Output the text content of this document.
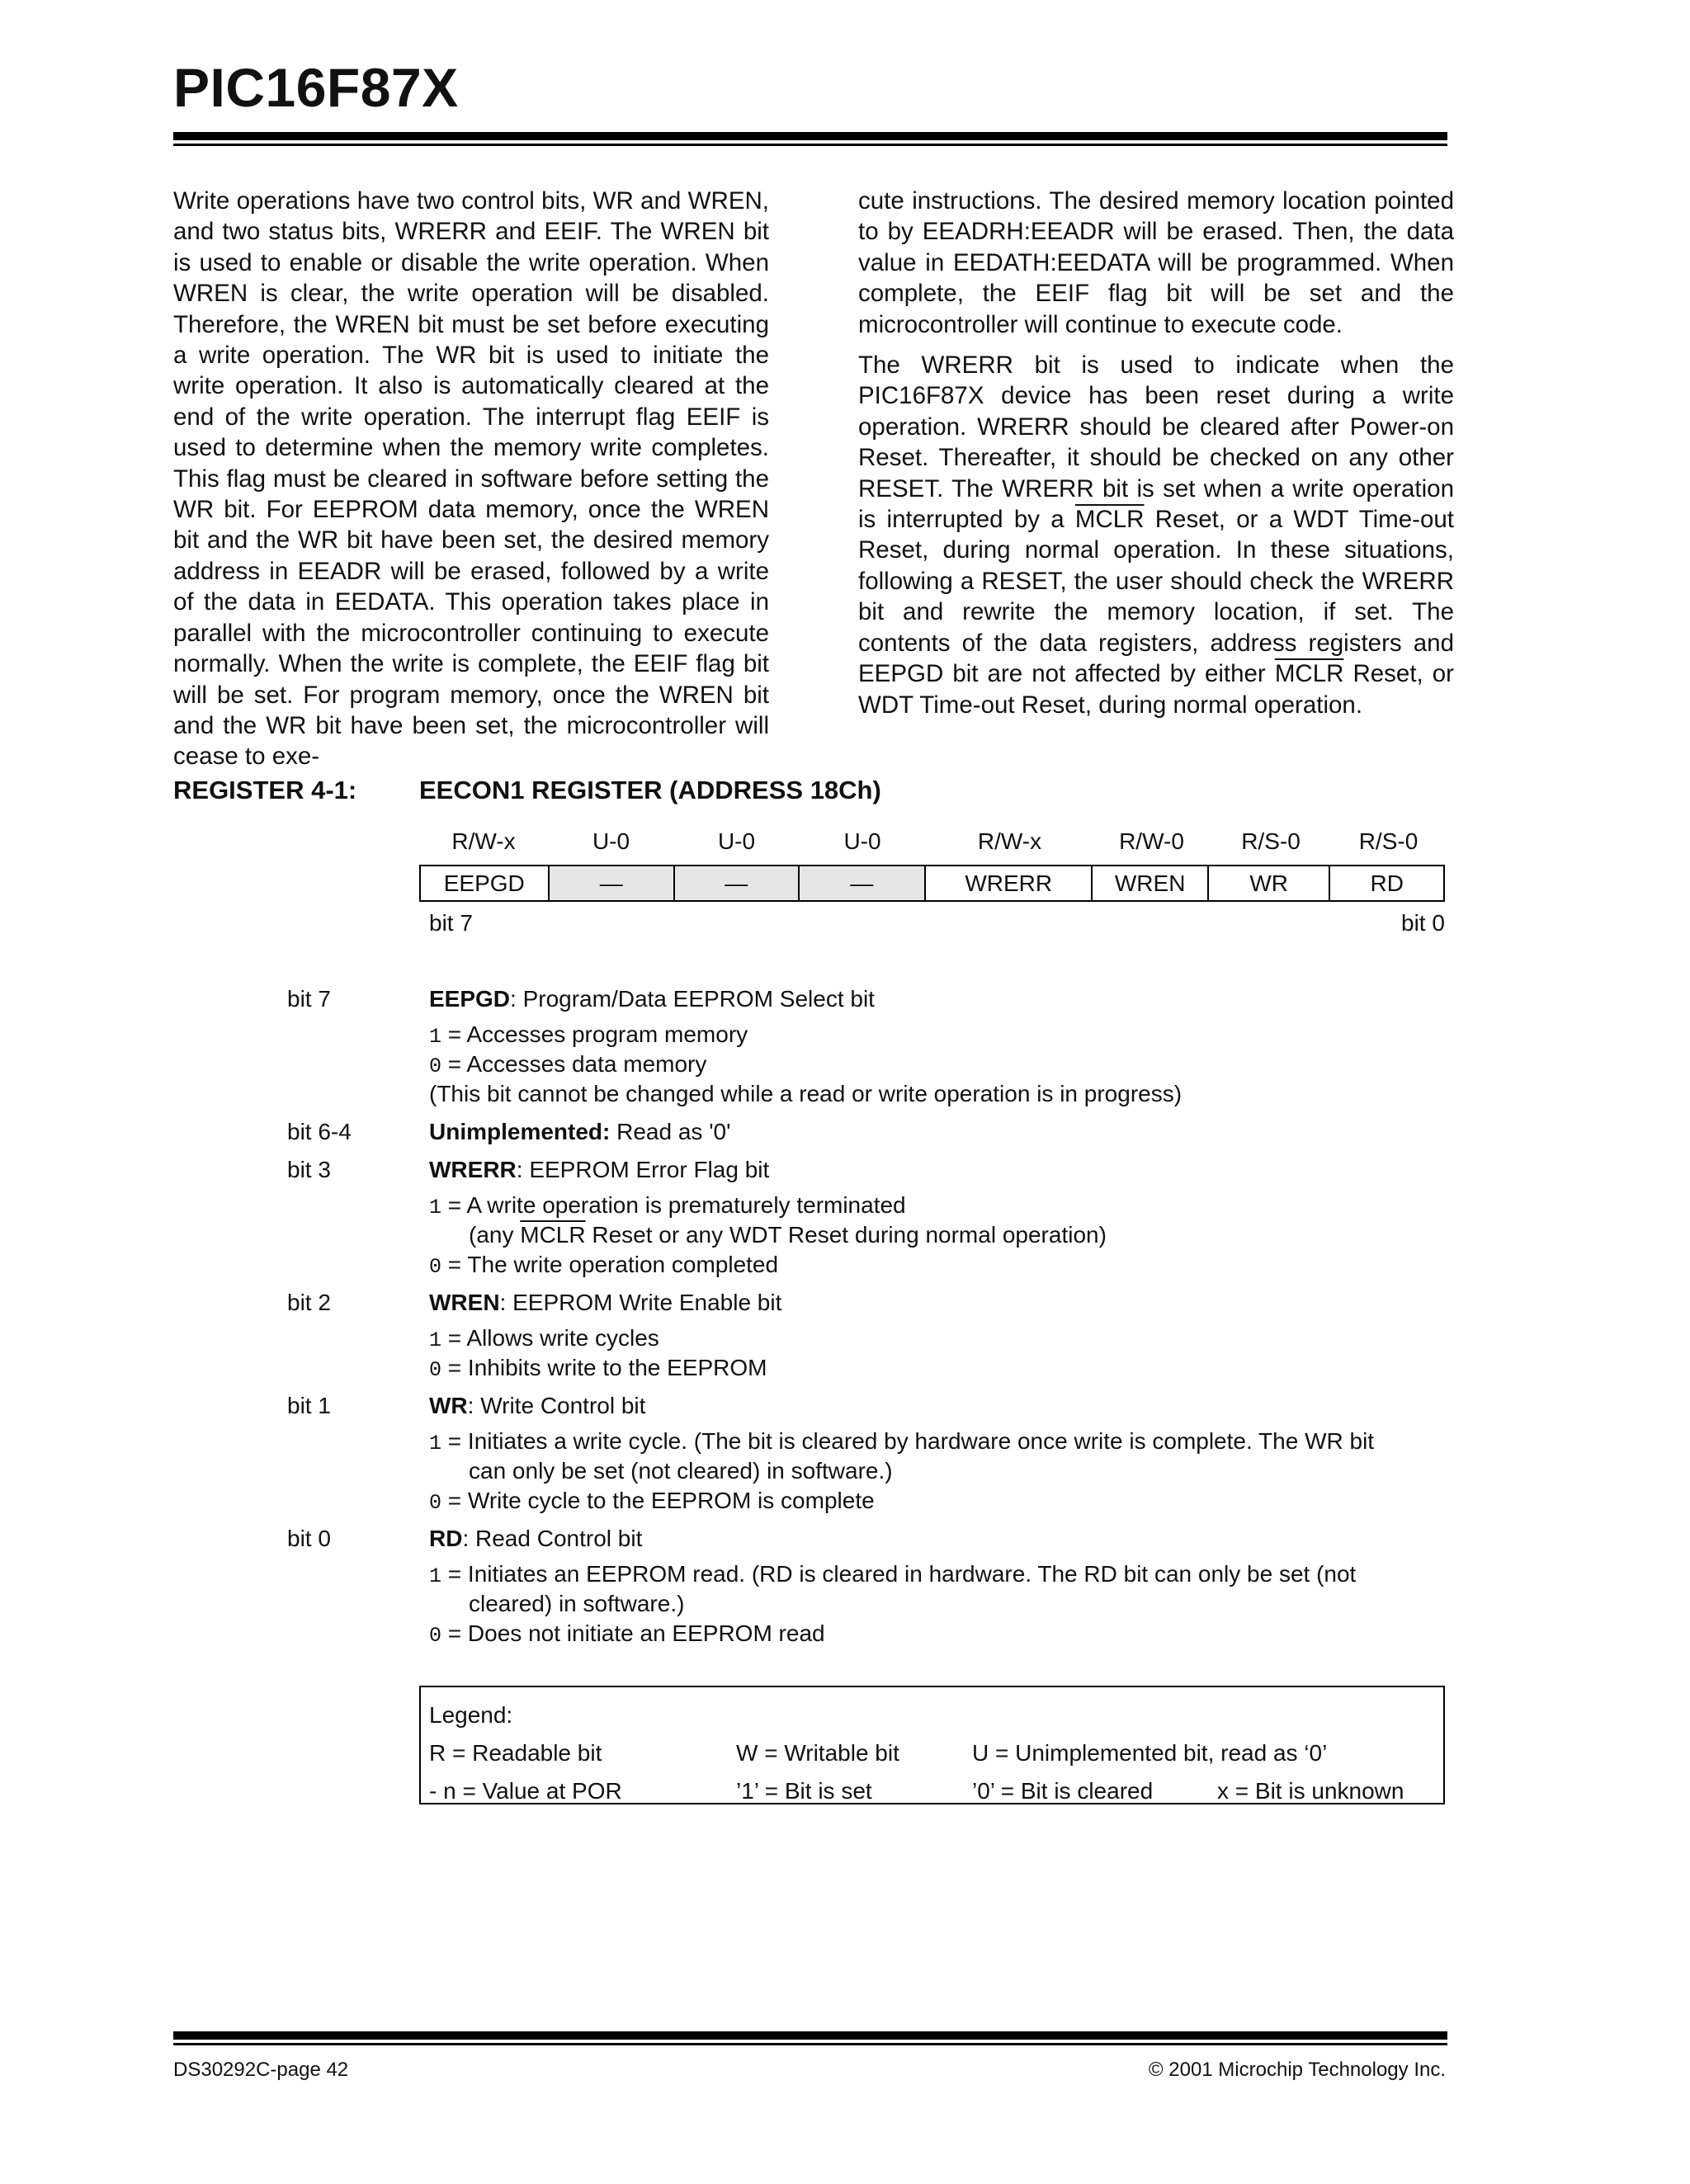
PIC16F87X

Write operations have two control bits, WR and WREN, and two status bits, WRERR and EEIF. The WREN bit is used to enable or disable the write operation. When WREN is clear, the write operation will be disabled. Therefore, the WREN bit must be set before executing a write operation. The WR bit is used to initiate the write operation. It also is automatically cleared at the end of the write operation. The interrupt flag EEIF is used to determine when the memory write completes. This flag must be cleared in software before setting the WR bit. For EEPROM data memory, once the WREN bit and the WR bit have been set, the desired memory address in EEADR will be erased, followed by a write of the data in EEDATA. This operation takes place in parallel with the microcontroller continuing to execute normally. When the write is complete, the EEIF flag bit will be set. For program memory, once the WREN bit and the WR bit have been set, the microcontroller will cease to exe-

cute instructions. The desired memory location pointed to by EEADRH:EEADR will be erased. Then, the data value in EEDATH:EEDATA will be programmed. When complete, the EEIF flag bit will be set and the microcontroller will continue to execute code.

The WRERR bit is used to indicate when the PIC16F87X device has been reset during a write operation. WRERR should be cleared after Power-on Reset. Thereafter, it should be checked on any other RESET. The WRERR bit is set when a write operation is interrupted by a MCLR Reset, or a WDT Time-out Reset, during normal operation. In these situations, following a RESET, the user should check the WRERR bit and rewrite the memory location, if set. The contents of the data registers, address registers and EEPGD bit are not affected by either MCLR Reset, or WDT Time-out Reset, during normal operation.

REGISTER 4-1: EECON1 REGISTER (ADDRESS 18Ch)
R/W-x	U-0	U-0	U-0	R/W-x	R/W-0	R/S-0	R/S-0
EEPGD	—	—	—	WRERR	WREN	WR	RD
bit 7	bit 0
bit 7	EEPGD: Program/Data EEPROM Select bit
1 = Accesses program memory
0 = Accesses data memory
(This bit cannot be changed while a read or write operation is in progress)
bit 6-4	Unimplemented: Read as '0'
bit 3	WRERR: EEPROM Error Flag bit
1 = A write operation is prematurely terminated
(any MCLR Reset or any WDT Reset during normal operation)
0 = The write operation completed
bit 2	WREN: EEPROM Write Enable bit
1 = Allows write cycles
0 = Inhibits write to the EEPROM
bit 1	WR: Write Control bit
1 = Initiates a write cycle. (The bit is cleared by hardware once write is complete. The WR bit
can only be set (not cleared) in software.)
0 = Write cycle to the EEPROM is complete
bit 0	RD: Read Control bit
1 = Initiates an EEPROM read. (RD is cleared in hardware. The RD bit can only be set (not
cleared) in software.)
0 = Does not initiate an EEPROM read
Legend:
R = Readable bit	W = Writable bit	U = Unimplemented bit, read as ‘0’
- n = Value at POR	’1’ = Bit is set	’0’ = Bit is cleared	x = Bit is unknown
DS30292C-page 42	© 2001 Microchip Technology Inc.
